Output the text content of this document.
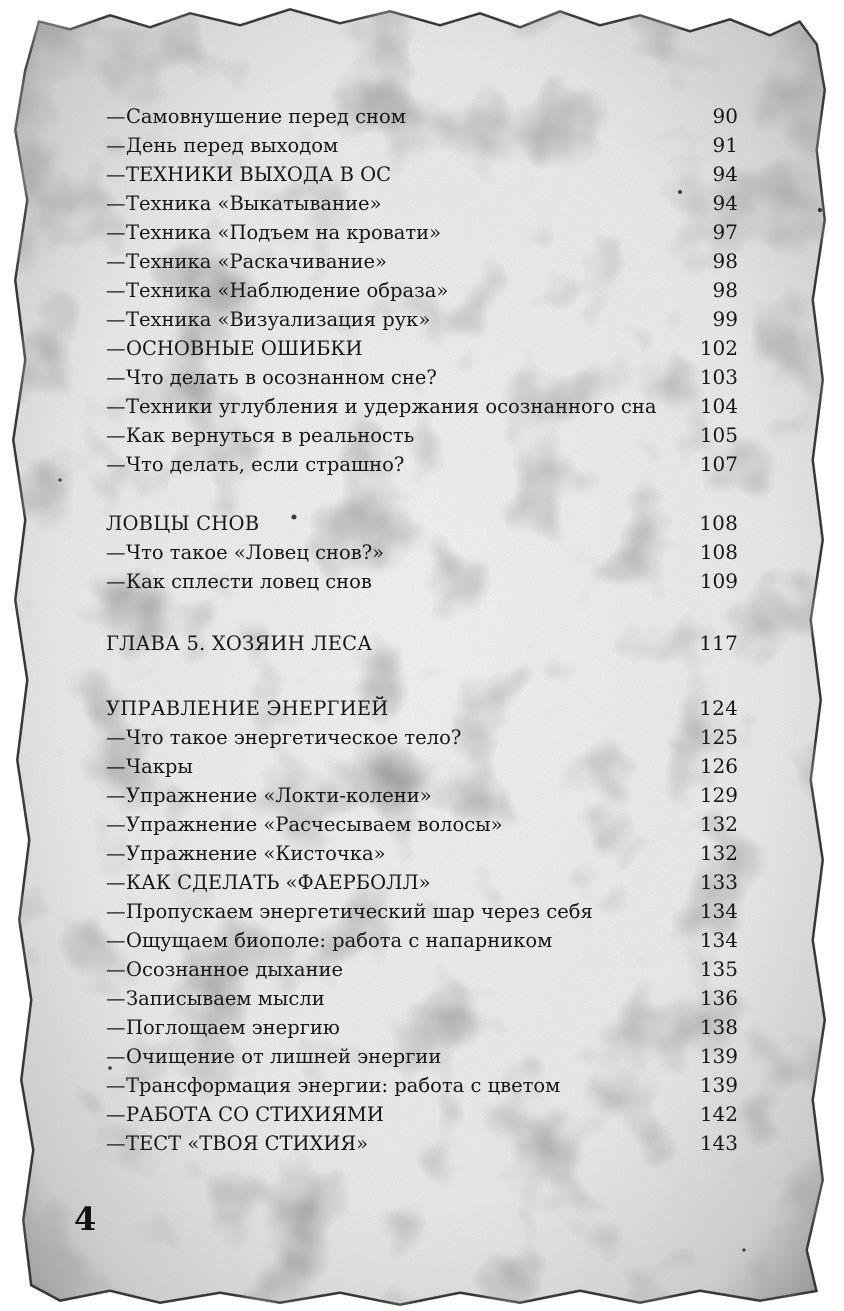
—Самовнушение перед сном	90
—День перед выходом	91
—ТЕХНИКИ ВЫХОДА В ОС	94
—Техника «Выкатывание»	94
—Техника «Подъем на кровати»	97
—Техника «Раскачивание»	98
—Техника «Наблюдение образа»	98
—Техника «Визуализация рук»	99
—ОСНОВНЫЕ ОШИБКИ	102
—Что делать в осознанном сне?	103
—Техники углубления и удержания осознанного сна 104
—Как вернуться в реальность	105
—Что делать, если страшно?	107
ЛОВЦЫ СНОВ	108
—Что такое «Ловец снов?»	108
—Как сплести ловец снов	109
ГЛАВА 5. ХОЗЯИН ЛЕСА	117
УПРАВЛЕНИЕ ЭНЕРГИЕЙ	124
—Что такое энергетическое тело?	125
—Чакры	126
—Упражнение «Локти-колени»	129
—Упражнение «Расчесываем волосы»	132
—Упражнение «Кисточка»	132
—КАК СДЕЛАТЬ «ФАЕРБОЛЛ»	133
—Пропускаем энергетический шар через себя	134
—Ощущаем биополе: работа с напарником	134
—Осознанное дыхание	135
—Записываем мысли	136
—Поглощаем энергию	138
—Очищение от лишней энергии	139
—Трансформация энергии: работа с цветом	139
—РАБОТА СО СТИХИЯМИ	142
—ТЕСТ «ТВОЯ СТИХИЯ»	143
4
